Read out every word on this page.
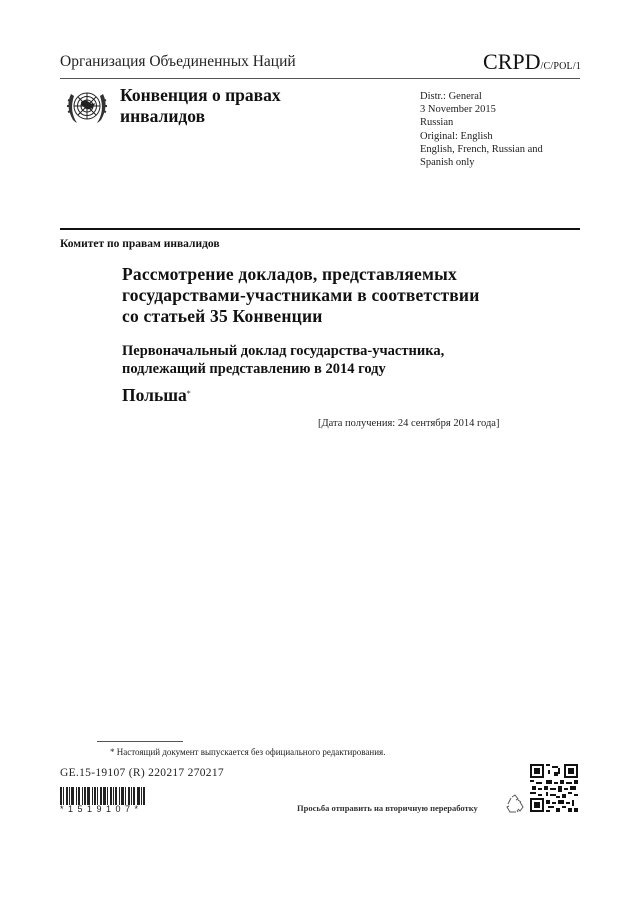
Организация Объединенных Наций	CRPD/C/POL/1
Конвенция о правах
инвалидов
Distr.: General
3 November 2015
Russian
Original: English
English, French, Russian and
Spanish only
Комитет по правам инвалидов
Рассмотрение докладов, представляемых
государствами-участниками в соответствии
со статьей 35 Конвенции
Первоначальный доклад государства-участника,
подлежащий представлению в 2014 году
Польша*
[Дата получения: 24 сентября 2014 года]
* Настоящий документ выпускается без официального редактирования.
GE.15-19107 (R) 220217 270217
*1519107*	Просьба отправить на вторичную переработку
